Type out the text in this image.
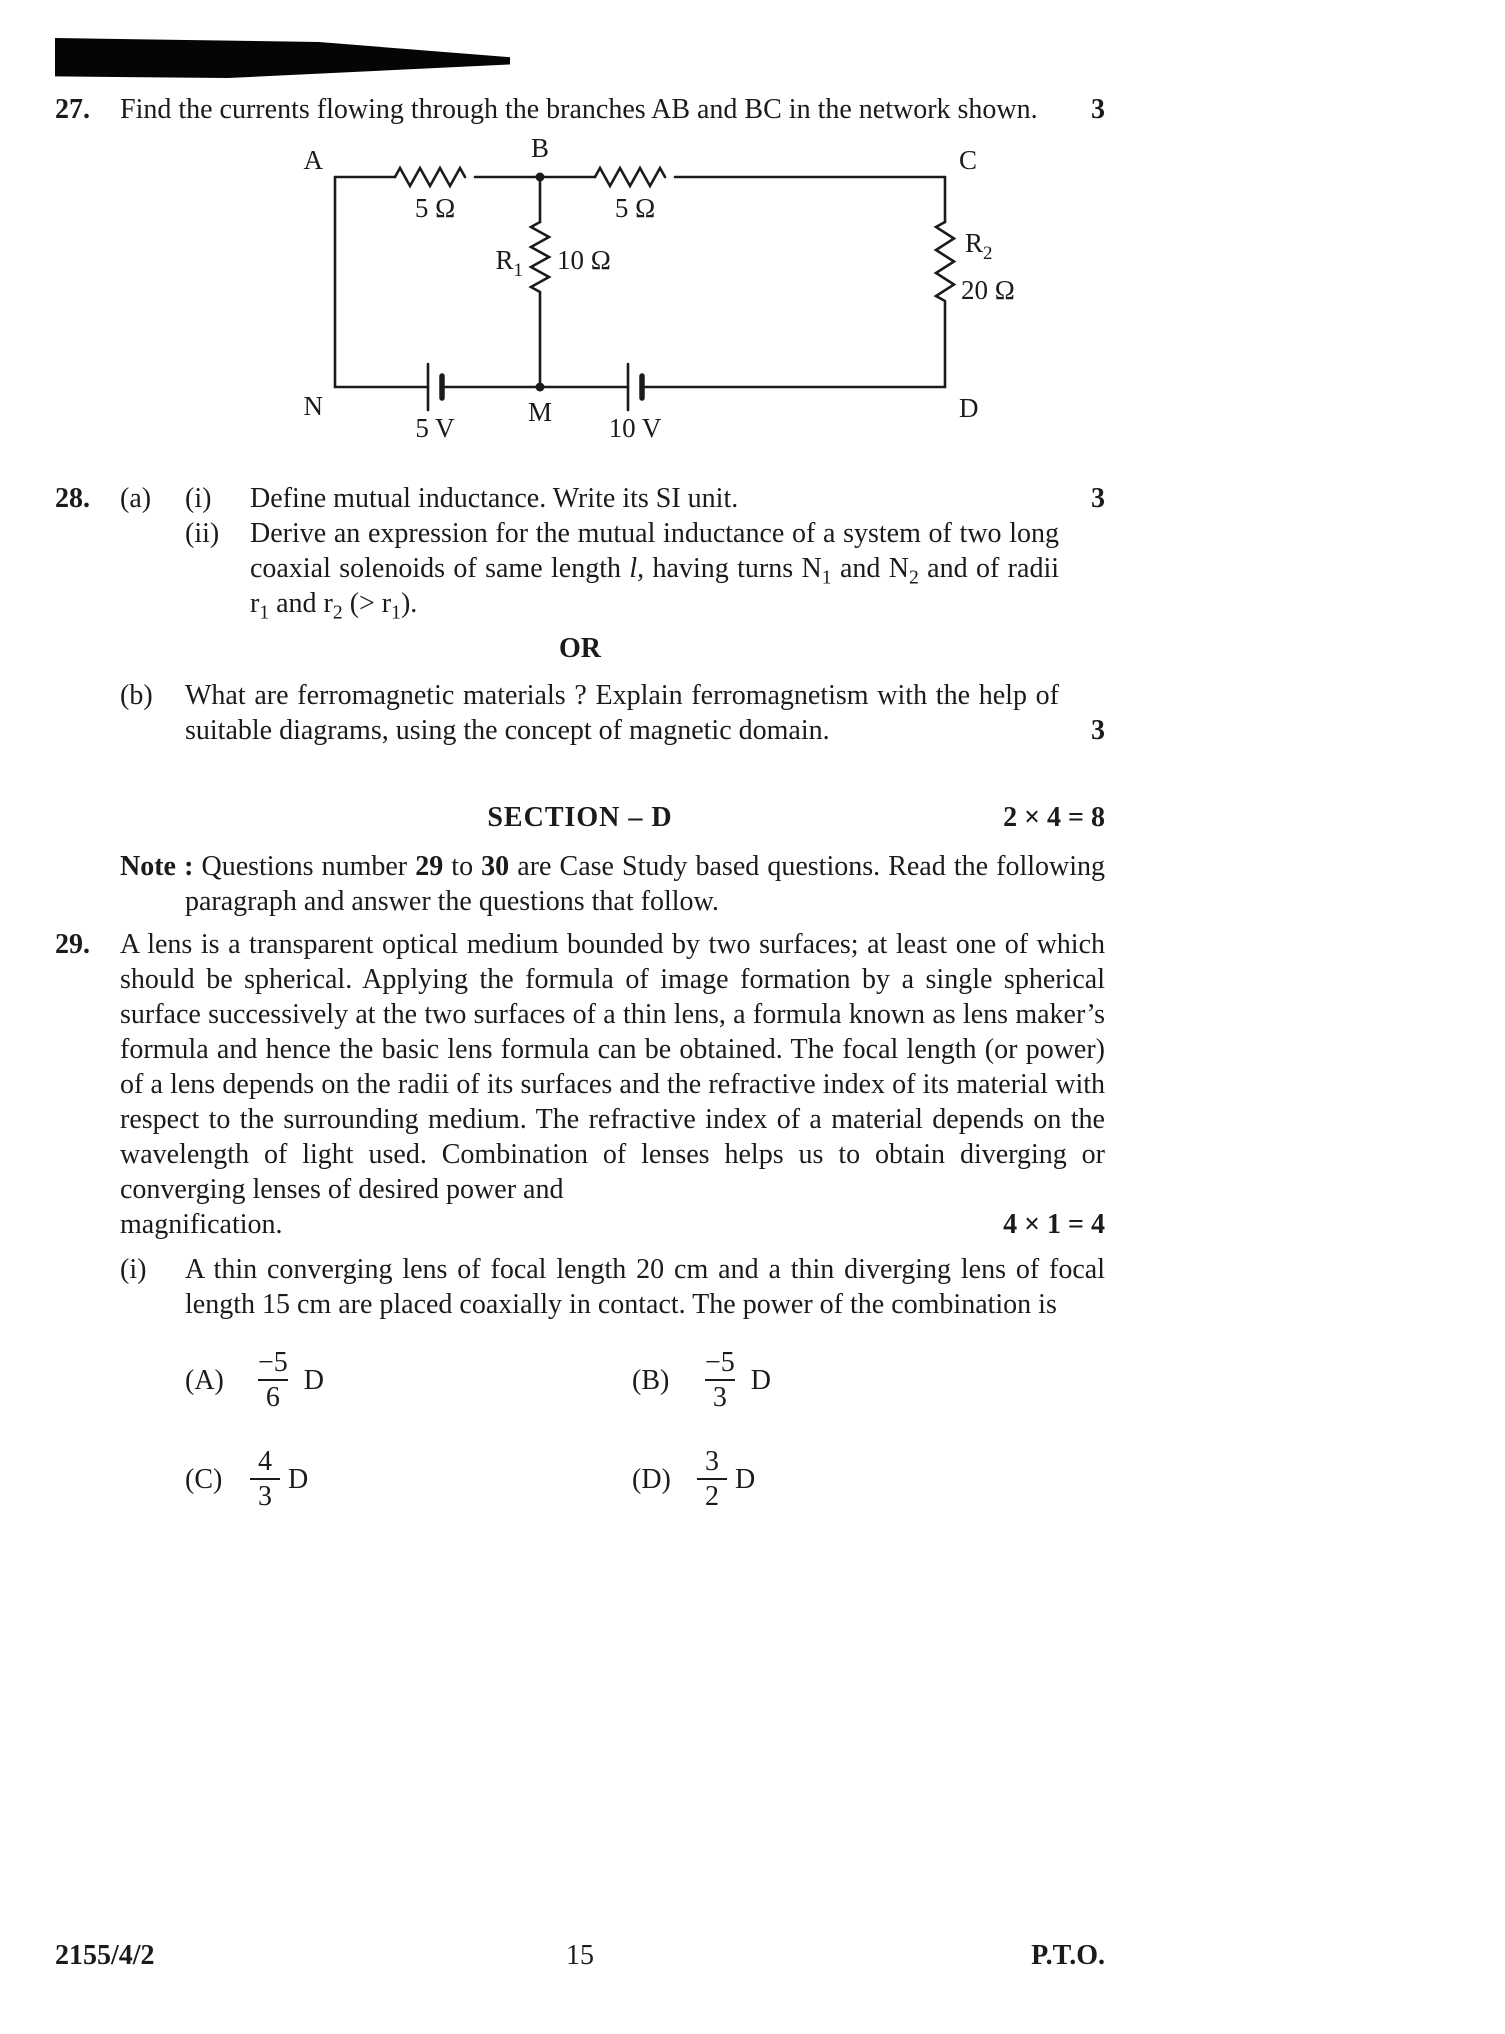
27.	Find the currents flowing through the branches AB and BC in the network shown.	3
A	B	C
N	M	D
5 Ω	5 Ω
$R_1$ 10 Ω
$R_2$
20 Ω
5 V	10 V
28.	(a)	(i)	Define mutual inductance. Write its SI unit.	3
(ii)	Derive an expression for the mutual inductance of a system of two long coaxial solenoids of same length l, having turns $N_1$ and $N_2$ and of radii $r_1$ and $r_2$ (> $r_1$).
OR
(b)	What are ferromagnetic materials ? Explain ferromagnetism with the help of suitable diagrams, using the concept of magnetic domain.	3
SECTION – D	2 × 4 = 8
Note : Questions number 29 to 30 are Case Study based questions. Read the following paragraph and answer the questions that follow.
29.	A lens is a transparent optical medium bounded by two surfaces; at least one of which should be spherical. Applying the formula of image formation by a single spherical surface successively at the two surfaces of a thin lens, a formula known as lens maker’s formula and hence the basic lens formula can be obtained. The focal length (or power) of a lens depends on the radii of its surfaces and the refractive index of its material with respect to the surrounding medium. The refractive index of a material depends on the wavelength of light used. Combination of lenses helps us to obtain diverging or converging lenses of desired power and
magnification.	4 × 1 = 4
(i)	A thin converging lens of focal length 20 cm and a thin diverging lens of focal length 15 cm are placed coaxially in contact. The power of the combination is
$(A) \frac{-5}{6}$ D	$(B) \frac{-5}{3}$ D
$(C) \frac{4}{3}$ D	$(D) \frac{3}{2}$ D
2155/4/2	15	P.T.O.
